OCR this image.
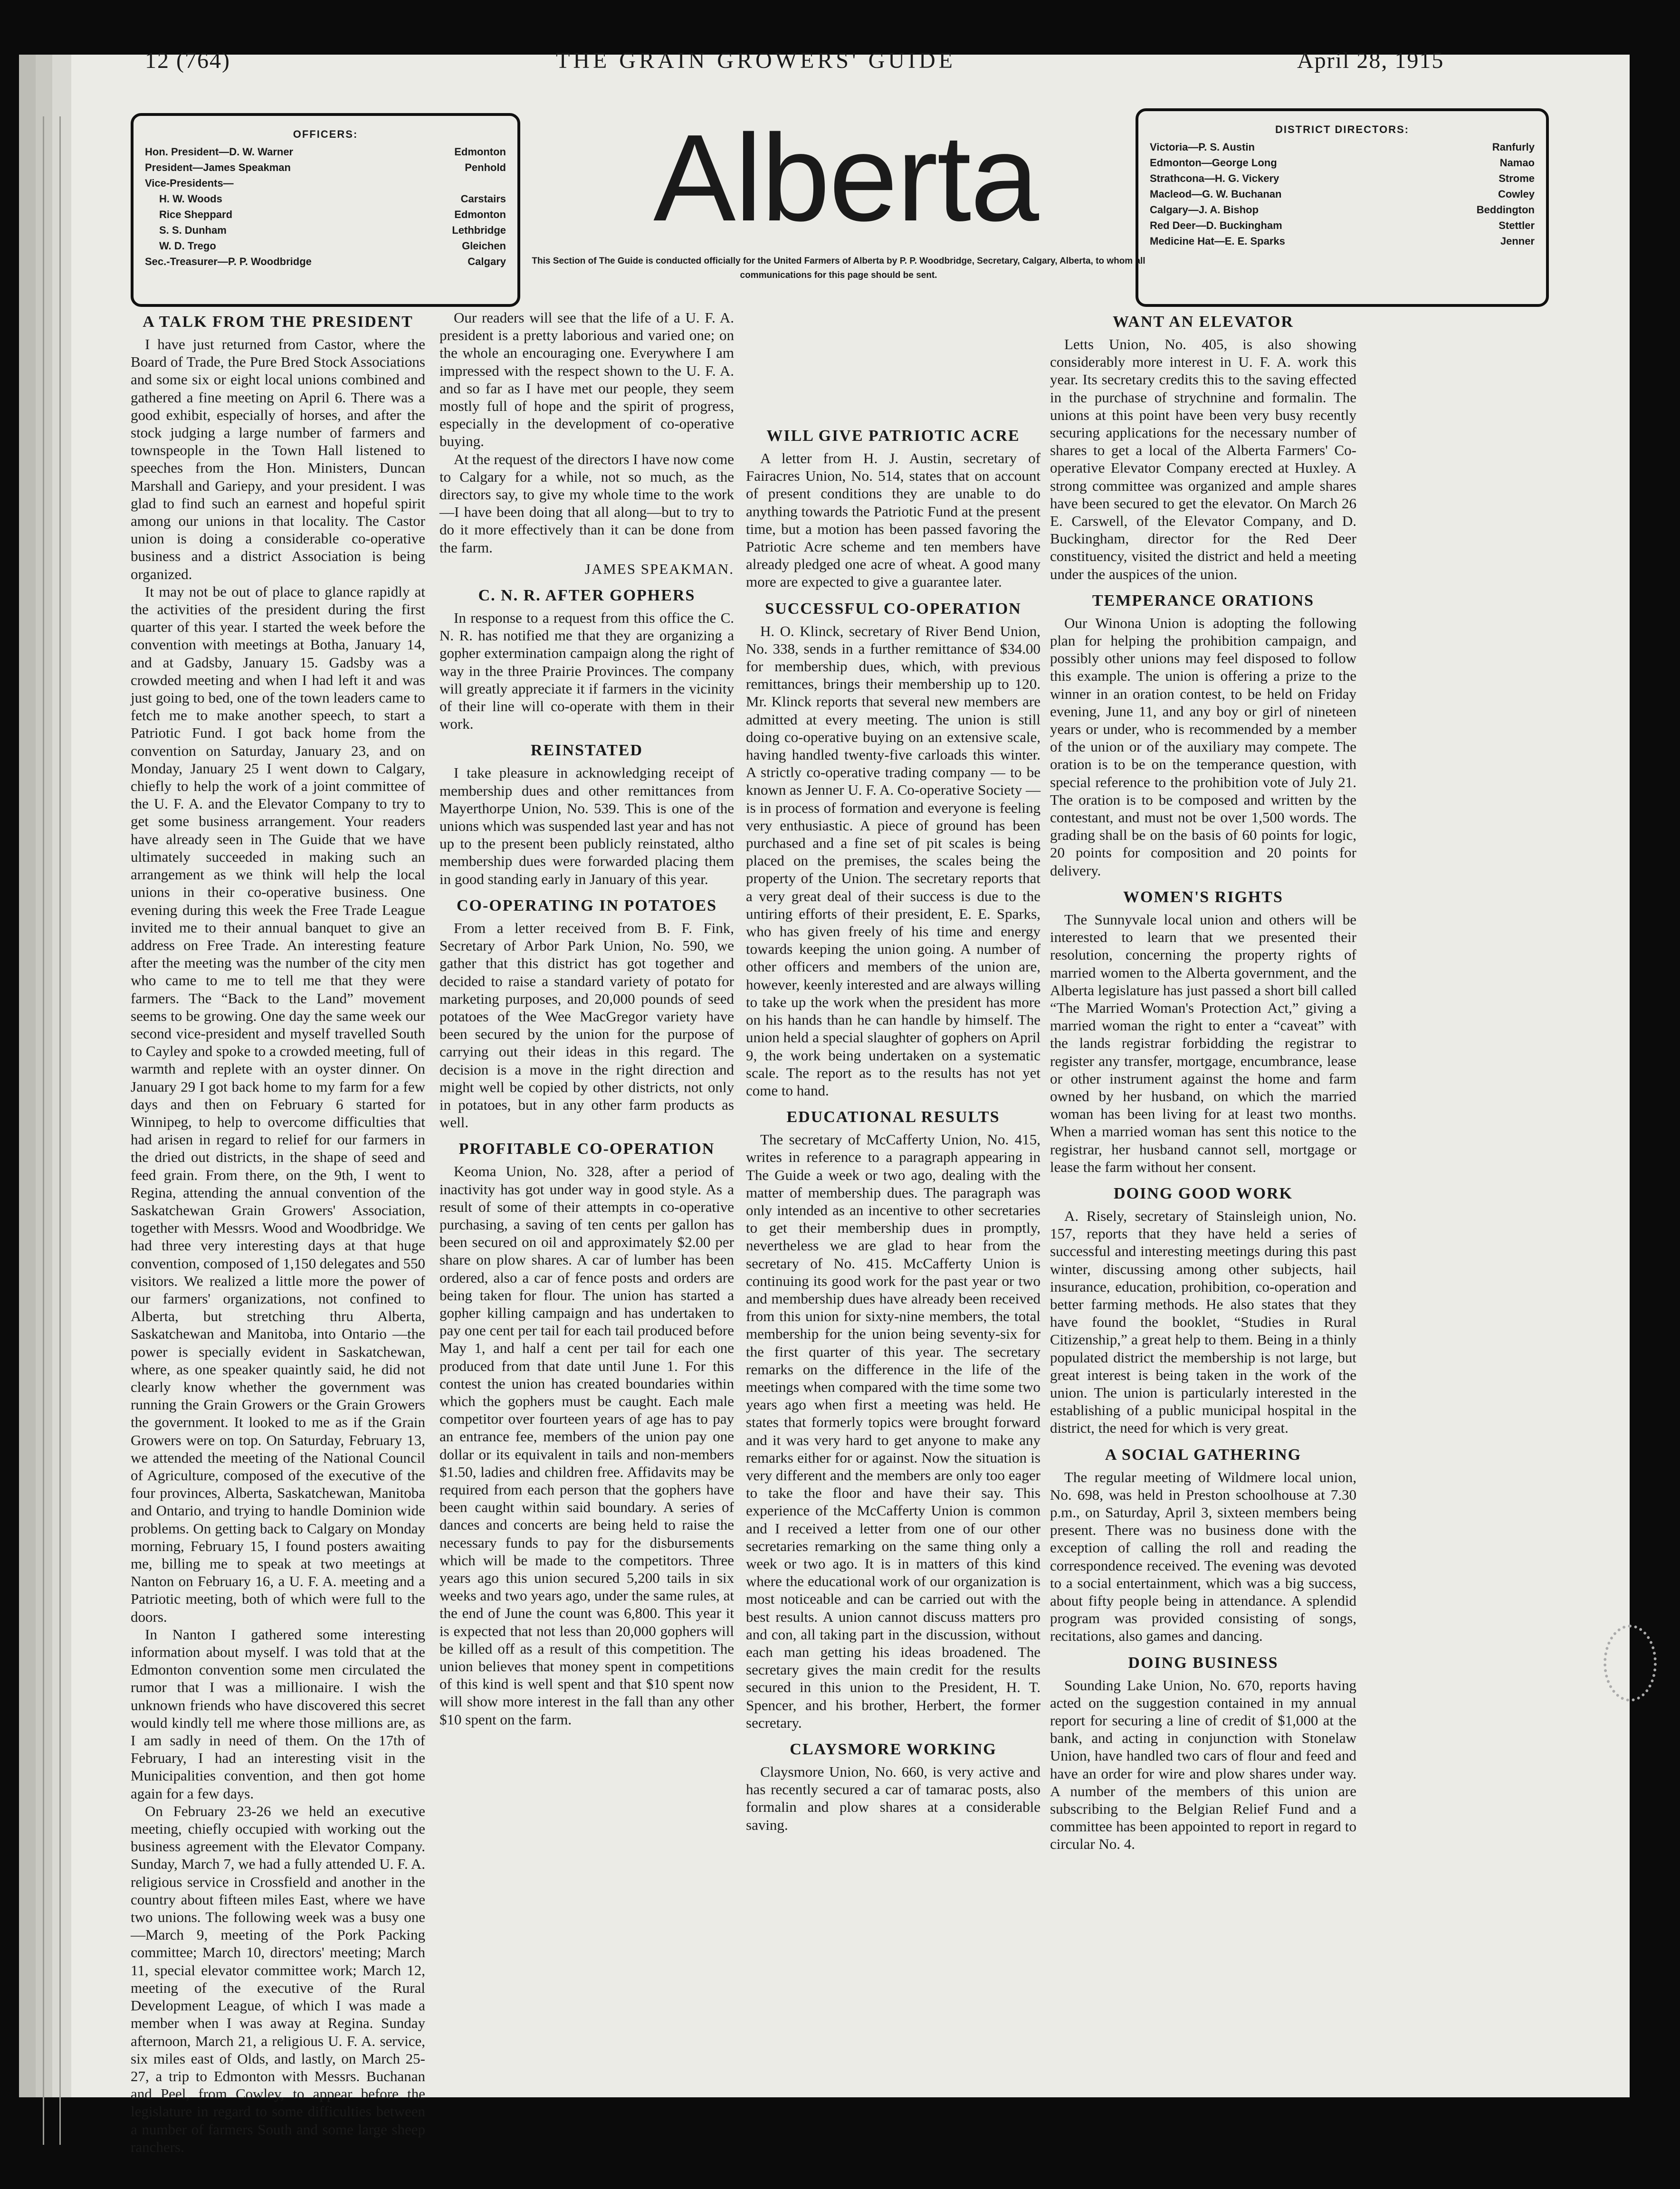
12 (764)	THE GRAIN GROWERS' GUIDE	April 28, 1915
OFFICERS:
Hon. President—D. W. Warner	Edmonton
President—James Speakman	Penhold
Vice-Presidents—
H. W. Woods	Carstairs
Rice Sheppard	Edmonton
S. S. Dunham	Lethbridge
W. D. Trego	Gleichen
Sec.-Treasurer—P. P. Woodbridge	Calgary
Alberta
This Section of The Guide is conducted officially for the United Farmers of Alberta by P. P. Woodbridge, Secretary, Calgary, Alberta, to whom all communications for this page should be sent.
DISTRICT DIRECTORS:
Victoria—P. S. Austin	Ranfurly
Edmonton—George Long	Namao
Strathcona—H. G. Vickery	Strome
Macleod—G. W. Buchanan	Cowley
Calgary—J. A. Bishop	Beddington
Red Deer—D. Buckingham	Stettler
Medicine Hat—E. E. Sparks	Jenner
A TALK FROM THE PRESIDENT

I have just returned from Castor, where the Board of Trade, the Pure Bred Stock Associations and some six or eight local unions combined and gathered a fine meeting on April 6. There was a good exhibit, especially of horses, and after the stock judging a large number of farmers and townspeople in the Town Hall listened to speeches from the Hon. Ministers, Duncan Marshall and Gariepy, and your president. I was glad to find such an earnest and hopeful spirit among our unions in that locality. The Castor union is doing a considerable co-operative business and a district Association is being organized.

It may not be out of place to glance rapidly at the activities of the president during the first quarter of this year. I started the week before the convention with meetings at Botha, January 14, and at Gadsby, January 15. Gadsby was a crowded meeting and when I had left it and was just going to bed, one of the town leaders came to fetch me to make another speech, to start a Patriotic Fund. I got back home from the convention on Saturday, January 23, and on Monday, January 25 I went down to Calgary, chiefly to help the work of a joint committee of the U. F. A. and the Elevator Company to try to get some business arrangement. Your readers have already seen in The Guide that we have ultimately succeeded in making such an arrangement as we think will help the local unions in their co-operative business. One evening during this week the Free Trade League invited me to their annual banquet to give an address on Free Trade. An interesting feature after the meeting was the number of the city men who came to me to tell me that they were farmers. The “Back to the Land” movement seems to be growing. One day the same week our second vice-president and myself travelled South to Cayley and spoke to a crowded meeting, full of warmth and replete with an oyster dinner. On January 29 I got back home to my farm for a few days and then on February 6 started for Winnipeg, to help to overcome difficulties that had arisen in regard to relief for our farmers in the dried out districts, in the shape of seed and feed grain. From there, on the 9th, I went to Regina, attending the annual convention of the Saskatchewan Grain Growers' Association, together with Messrs. Wood and Woodbridge. We had three very interesting days at that huge convention, composed of 1,150 delegates and 550 visitors. We realized a little more the power of our farmers' organizations, not confined to Alberta, but stretching thru Alberta, Saskatchewan and Manitoba, into Ontario —the power is specially evident in Saskatchewan, where, as one speaker quaintly said, he did not clearly know whether the government was running the Grain Growers or the Grain Growers the government. It looked to me as if the Grain Growers were on top. On Saturday, February 13, we attended the meeting of the National Council of Agriculture, composed of the executive of the four provinces, Alberta, Saskatchewan, Manitoba and Ontario, and trying to handle Dominion wide problems. On getting back to Calgary on Monday morning, February 15, I found posters awaiting me, billing me to speak at two meetings at Nanton on February 16, a U. F. A. meeting and a Patriotic meeting, both of which were full to the doors.

In Nanton I gathered some interesting information about myself. I was told that at the Edmonton convention some men circulated the rumor that I was a millionaire. I wish the unknown friends who have discovered this secret would kindly tell me where those millions are, as I am sadly in need of them. On the 17th of February, I had an interesting visit in the Municipalities convention, and then got home again for a few days.

On February 23-26 we held an executive meeting, chiefly occupied with working out the business agreement with the Elevator Company. Sunday, March 7, we had a fully attended U. F. A. religious service in Crossfield and another in the country about fifteen miles East, where we have two unions. The following week was a busy one—March 9, meeting of the Pork Packing committee; March 10, directors' meeting; March 11, special elevator committee work; March 12, meeting of the executive of the Rural Development League, of which I was made a member when I was away at Regina. Sunday afternoon, March 21, a religious U. F. A. service, six miles east of Olds, and lastly, on March 25-27, a trip to Edmonton with Messrs. Buchanan and Peel, from Cowley, to appear before the legislature in regard to some difficulties between a number of farmers South and some large sheep ranchers.

Our readers will see that the life of a U. F. A. president is a pretty laborious and varied one; on the whole an encouraging one. Everywhere I am impressed with the respect shown to the U. F. A. and so far as I have met our people, they seem mostly full of hope and the spirit of progress, especially in the development of co-operative buying.

At the request of the directors I have now come to Calgary for a while, not so much, as the directors say, to give my whole time to the work—I have been doing that all along—but to try to do it more effectively than it can be done from the farm.

JAMES SPEAKMAN.

C. N. R. AFTER GOPHERS

In response to a request from this office the C. N. R. has notified me that they are organizing a gopher extermination campaign along the right of way in the three Prairie Provinces. The company will greatly appreciate it if farmers in the vicinity of their line will co-operate with them in their work.

REINSTATED

I take pleasure in acknowledging receipt of membership dues and other remittances from Mayerthorpe Union, No. 539. This is one of the unions which was suspended last year and has not up to the present been publicly reinstated, altho membership dues were forwarded placing them in good standing early in January of this year.

CO-OPERATING IN POTATOES

From a letter received from B. F. Fink, Secretary of Arbor Park Union, No. 590, we gather that this district has got together and decided to raise a standard variety of potato for marketing purposes, and 20,000 pounds of seed potatoes of the Wee MacGregor variety have been secured by the union for the purpose of carrying out their ideas in this regard. The decision is a move in the right direction and might well be copied by other districts, not only in potatoes, but in any other farm products as well.

PROFITABLE CO-OPERATION

Keoma Union, No. 328, after a period of inactivity has got under way in good style. As a result of some of their attempts in co-operative purchasing, a saving of ten cents per gallon has been secured on oil and approximately $2.00 per share on plow shares. A car of lumber has been ordered, also a car of fence posts and orders are being taken for flour. The union has started a gopher killing campaign and has undertaken to pay one cent per tail for each tail produced before May 1, and half a cent per tail for each one produced from that date until June 1. For this contest the union has created boundaries within which the gophers must be caught. Each male competitor over fourteen years of age has to pay an entrance fee, members of the union pay one dollar or its equivalent in tails and non-members $1.50, ladies and children free. Affidavits may be required from each person that the gophers have been caught within said boundary. A series of dances and concerts are being held to raise the necessary funds to pay for the disbursements which will be made to the competitors. Three years ago this union secured 5,200 tails in six weeks and two years ago, under the same rules, at the end of June the count was 6,800. This year it is expected that not less than 20,000 gophers will be killed off as a result of this competition. The union believes that money spent in competitions of this kind is well spent and that $10 spent now will show more interest in the fall than any other $10 spent on the farm.

WILL GIVE PATRIOTIC ACRE

A letter from H. J. Austin, secretary of Fairacres Union, No. 514, states that on account of present conditions they are unable to do anything towards the Patriotic Fund at the present time, but a motion has been passed favoring the Patriotic Acre scheme and ten members have already pledged one acre of wheat. A good many more are expected to give a guarantee later.

SUCCESSFUL CO-OPERATION

H. O. Klinck, secretary of River Bend Union, No. 338, sends in a further remittance of $34.00 for membership dues, which, with previous remittances, brings their membership up to 120. Mr. Klinck reports that several new members are admitted at every meeting. The union is still doing co-operative buying on an extensive scale, having handled twenty-five carloads this winter. A strictly co-operative trading company — to be known as Jenner U. F. A. Co-operative Society — is in process of formation and everyone is feeling very enthusiastic. A piece of ground has been purchased and a fine set of pit scales is being placed on the premises, the scales being the property of the Union. The secretary reports that a very great deal of their success is due to the untiring efforts of their president, E. E. Sparks, who has given freely of his time and energy towards keeping the union going. A number of other officers and members of the union are, however, keenly interested and are always willing to take up the work when the president has more on his hands than he can handle by himself. The union held a special slaughter of gophers on April 9, the work being undertaken on a systematic scale. The report as to the results has not yet come to hand.

EDUCATIONAL RESULTS

The secretary of McCafferty Union, No. 415, writes in reference to a paragraph appearing in The Guide a week or two ago, dealing with the matter of membership dues. The paragraph was only intended as an incentive to other secretaries to get their membership dues in promptly, nevertheless we are glad to hear from the secretary of No. 415. McCafferty Union is continuing its good work for the past year or two and membership dues have already been received from this union for sixty-nine members, the total membership for the union being seventy-six for the first quarter of this year. The secretary remarks on the difference in the life of the meetings when compared with the time some two years ago when first a meeting was held. He states that formerly topics were brought forward and it was very hard to get anyone to make any remarks either for or against. Now the situation is very different and the members are only too eager to take the floor and have their say. This experience of the McCafferty Union is common and I received a letter from one of our other secretaries remarking on the same thing only a week or two ago. It is in matters of this kind where the educational work of our organization is most noticeable and can be carried out with the best results. A union cannot discuss matters pro and con, all taking part in the discussion, without each man getting his ideas broadened. The secretary gives the main credit for the results secured in this union to the President, H. T. Spencer, and his brother, Herbert, the former secretary.

CLAYSMORE WORKING

Claysmore Union, No. 660, is very active and has recently secured a car of tamarac posts, also formalin and plow shares at a considerable saving.

WANT AN ELEVATOR

Letts Union, No. 405, is also showing considerably more interest in U. F. A. work this year. Its secretary credits this to the saving effected in the purchase of strychnine and formalin. The unions at this point have been very busy recently securing applications for the necessary number of shares to get a local of the Alberta Farmers' Co-operative Elevator Company erected at Huxley. A strong committee was organized and ample shares have been secured to get the elevator. On March 26 E. Carswell, of the Elevator Company, and D. Buckingham, director for the Red Deer constituency, visited the district and held a meeting under the auspices of the union.

TEMPERANCE ORATIONS

Our Winona Union is adopting the following plan for helping the prohibition campaign, and possibly other unions may feel disposed to follow this example. The union is offering a prize to the winner in an oration contest, to be held on Friday evening, June 11, and any boy or girl of nineteen years or under, who is recommended by a member of the union or of the auxiliary may compete. The oration is to be on the temperance question, with special reference to the prohibition vote of July 21. The oration is to be composed and written by the contestant, and must not be over 1,500 words. The grading shall be on the basis of 60 points for logic, 20 points for composition and 20 points for delivery.

WOMEN'S RIGHTS

The Sunnyvale local union and others will be interested to learn that we presented their resolution, concerning the property rights of married women to the Alberta government, and the Alberta legislature has just passed a short bill called “The Married Woman's Protection Act,” giving a married woman the right to enter a “caveat” with the lands registrar forbidding the registrar to register any transfer, mortgage, encumbrance, lease or other instrument against the home and farm owned by her husband, on which the married woman has been living for at least two months. When a married woman has sent this notice to the registrar, her husband cannot sell, mortgage or lease the farm without her consent.

DOING GOOD WORK

A. Risely, secretary of Stainsleigh union, No. 157, reports that they have held a series of successful and interesting meetings during this past winter, discussing among other subjects, hail insurance, education, prohibition, co-operation and better farming methods. He also states that they have found the booklet, “Studies in Rural Citizenship,” a great help to them. Being in a thinly populated district the membership is not large, but great interest is being taken in the work of the union. The union is particularly interested in the establishing of a public municipal hospital in the district, the need for which is very great.

A SOCIAL GATHERING

The regular meeting of Wildmere local union, No. 698, was held in Preston schoolhouse at 7.30 p.m., on Saturday, April 3, sixteen members being present. There was no business done with the exception of calling the roll and reading the correspondence received. The evening was devoted to a social entertainment, which was a big success, about fifty people being in attendance. A splendid program was provided consisting of songs, recitations, also games and dancing.

DOING BUSINESS

Sounding Lake Union, No. 670, reports having acted on the suggestion contained in my annual report for securing a line of credit of $1,000 at the bank, and acting in conjunction with Stonelaw Union, have handled two cars of flour and feed and have an order for wire and plow shares under way. A number of the members of this union are subscribing to the Belgian Relief Fund and a committee has been appointed to report in regard to circular No. 4.
